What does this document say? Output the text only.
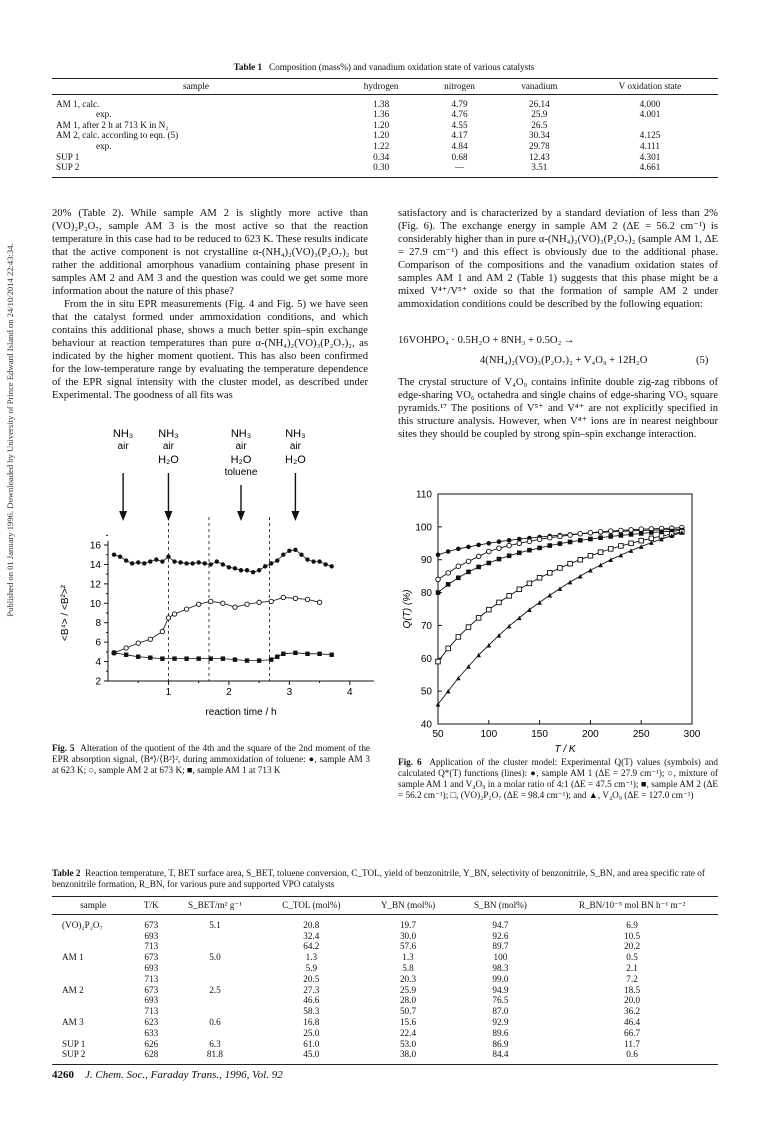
Published on 01 January 1996. Downloaded by University of Prince Edward Island on 24/10/2014 22:43:34.
Table 1 Composition (mass%) and vanadium oxidation state of various catalysts
sample	hydrogen	nitrogen	vanadium	V oxidation state
AM 1, calc.	1.38	4.79	26.14	4.000
exp.	1.36	4.76	25.9	4.001
AM 1, after 2 h at 713 K in N₂	1.20	4.55	26.5	
AM 2, calc. according to eqn. (5)	1.20	4.17	30.34	4.125
exp.	1.22	4.84	29.78	4.111
SUP 1	0.34	0.68	12.43	4.301
SUP 2	0.30	—	3.51	4.661

20% (Table 2). While sample AM 2 is slightly more active than (VO)₂P₂O₇, sample AM 3 is the most active so that the reaction temperature in this case had to be reduced to 623 K. These results indicate that the active component is not crystalline α-(NH₄)₂(VO)₃(P₂O₇)₂ but rather the additional amorphous vanadium containing phase present in samples AM 2 and AM 3 and the question was could we get some more information about the nature of this phase?

From the in situ EPR measurements (Fig. 4 and Fig. 5) we have seen that the catalyst formed under ammoxidation conditions, and which contains this additional phase, shows a much better spin–spin exchange behaviour at reaction temperatures than pure α-(NH₄)₂(VO)₃(P₂O₇)₂, as indicated by the higher moment quotient. This has also been confirmed for the low-temperature range by evaluating the temperature dependence of the EPR signal intensity with the cluster model, as described under Experimental. The goodness of all fits was

satisfactory and is characterized by a standard deviation of less than 2% (Fig. 6). The exchange energy in sample AM 2 (ΔE = 56.2 cm⁻¹) is considerably higher than in pure α-(NH₄)₂(VO)₃(P₂O₇)₂ (sample AM 1, ΔE = 27.9 cm⁻¹) and this effect is obviously due to the additional phase. Comparison of the compositions and the vanadium oxidation states of samples AM 1 and AM 2 (Table 1) suggests that this phase might be a mixed V⁴⁺/V⁵⁺ oxide so that the formation of sample AM 2 under ammoxidation conditions could be described by the following equation:

16VOHPO₄ · 0.5H₂O + 8NH₃ + 0.5O₂ →
4(NH₄)₂(VO)₃(P₂O₇)₂ + V₄O₉ + 12H₂O	(5)

The crystal structure of V₄O₉ contains infinite double zig-zag ribbons of edge-sharing VO₆ octahedra and single chains of edge-sharing VO₅ square pyramids.¹⁷ The positions of V⁵⁺ and V⁴⁺ are not explicitly specified in this structure analysis. However, when V⁴⁺ ions are in nearest neighbour sites they should be coupled by strong spin–spin exchange interaction.

2
4
6
8
10
12
14
16
1	2	3	4
<B⁴> / <B²>²
reaction time / h
NH₃
air
NH₃
air
H₂O
NH₃
air
H₂O
NH₃
air
H₂O
toluene
Fig. 5 Alteration of the quotient of the 4th and the square of the 2nd moment of the EPR absorption signal, ⟨B⁴⟩/⟨B²⟩², during ammoxidation of toluene: ●, sample AM 3 at 623 K; ○, sample AM 2 at 673 K; ■, sample AM 1 at 713 K
40
50
60
70
80
90
100
110
50	100	150	200	250	300
Q(T) (%)
T / K
Fig. 6 Application of the cluster model: Experimental Q(T) values (symbols) and calculated Q*(T) functions (lines): ●, sample AM 1 (ΔE = 27.9 cm⁻¹); ○, mixture of sample AM 1 and V₄O₉ in a molar ratio of 4:1 (ΔE = 47.5 cm⁻¹); ■, sample AM 2 (ΔE = 56.2 cm⁻¹); □, (VO)₂P₂O₇ (ΔE = 98.4 cm⁻¹); and ▲, V₄O₉ (ΔE = 127.0 cm⁻¹)
Table 2 Reaction temperature, T, BET surface area, S_BET, toluene conversion, C_TOL, yield of benzonitrile, Y_BN, selectivity of benzonitrile, S_BN, and area specific rate of benzonitrile formation, R_BN, for various pure and supported VPO catalysts
sample	T/K	S_BET/m² g⁻¹	C_TOL (mol%)	Y_BN (mol%)	S_BN (mol%)	R_BN/10⁻⁵ mol BN h⁻¹ m⁻²
(VO)₂P₂O₇	673	5.1	20.8	19.7	94.7	6.9
	693		32.4	30.0	92.6	10.5
	713		64.2	57.6	89.7	20.2
AM 1	673	5.0	1.3	1.3	100	0.5
	693		5.9	5.8	98.3	2.1
	713		20.5	20.3	99.0	7.2
AM 2	673	2.5	27.3	25.9	94.9	18.5
	693		46.6	28.0	76.5	20.0
	713		58.3	50.7	87.0	36.2
AM 3	623	0.6	16.8	15.6	92.9	46.4
	633		25.0	22.4	89.6	66.7
SUP 1	626	6.3	61.0	53.0	86.9	11.7
SUP 2	628	81.8	45.0	38.0	84.4	0.6
4260 J. Chem. Soc., Faraday Trans., 1996, Vol. 92
